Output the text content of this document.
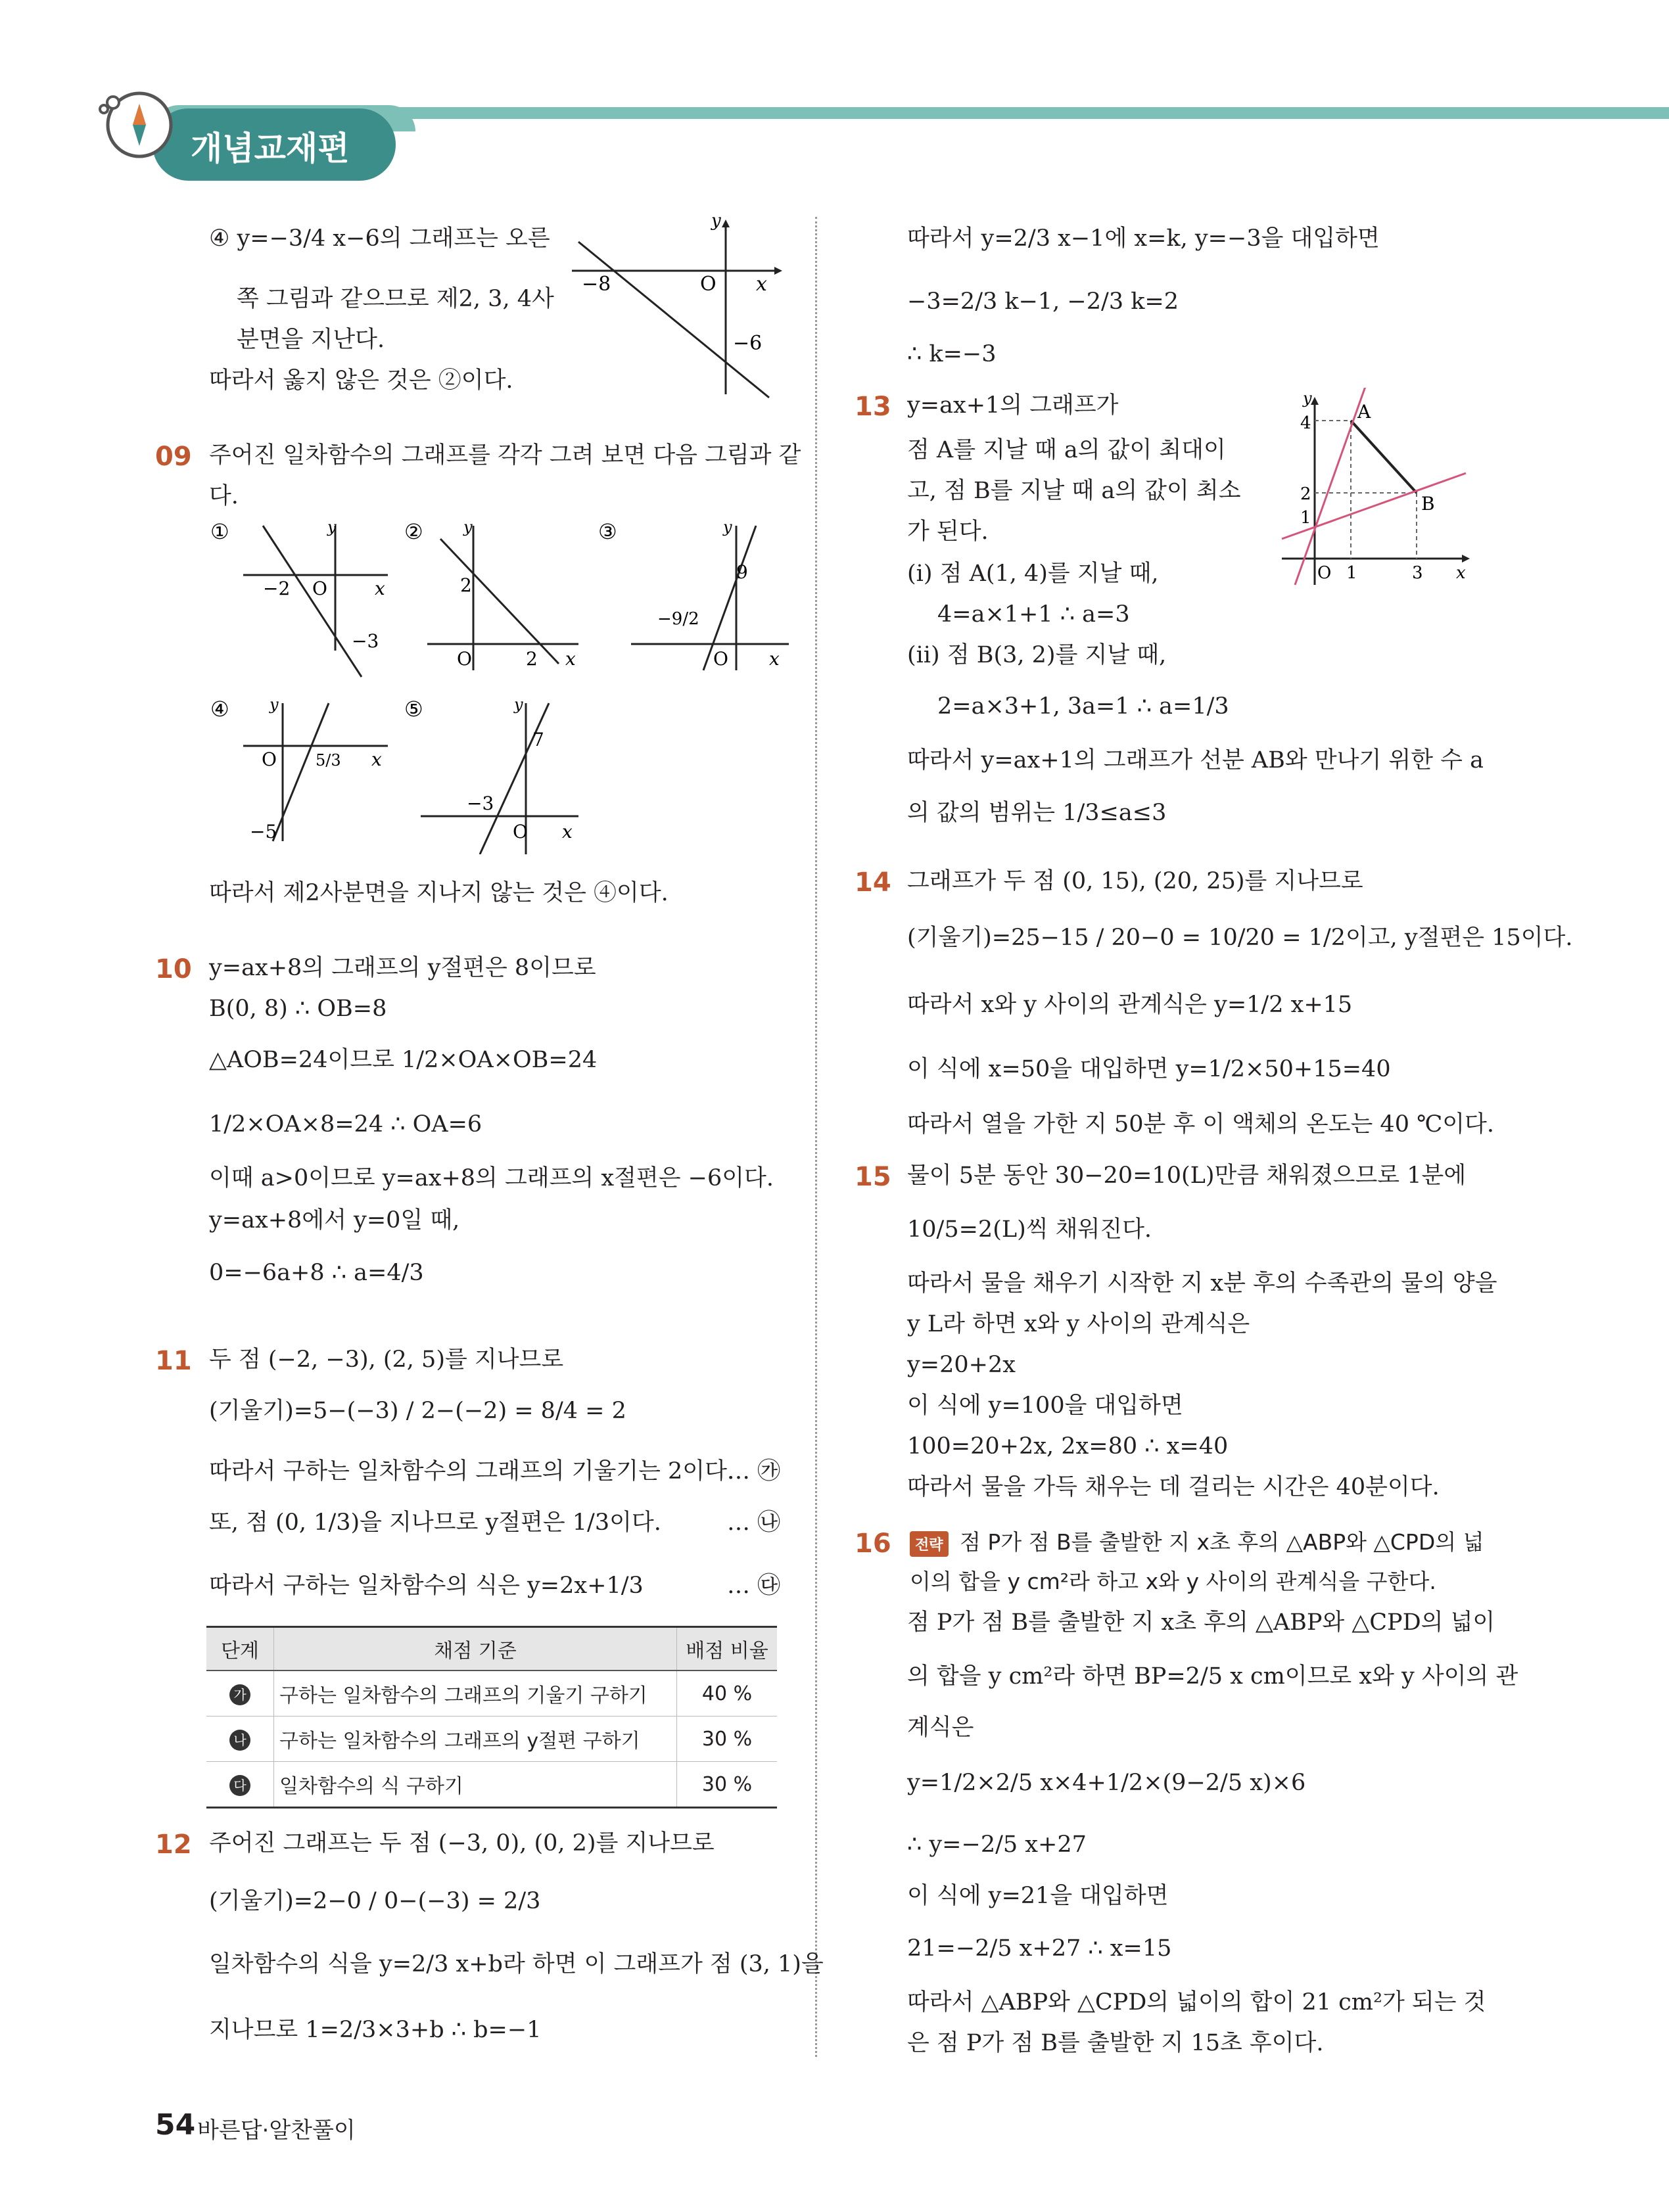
개념교재편
④ y=−3/4 x−6의 그래프는 오른
쪽 그림과 같으므로 제2, 3, 4사
분면을 지난다.
따라서 옳지 않은 것은 ②이다.
−8	O x
y
−6
09 주어진 일차함수의 그래프를 각각 그려 보면 다음 그림과 같
다.
①
−2 O	x
y
−3
②
2
O	2 x
y	③
9
−9/2
O x
y
④
O 5/3 x
−5
y	⑤
7
−3
O x
y
따라서 제2사분면을 지나지 않는 것은 ④이다.
10 y=ax+8의 그래프의 y절편은 8이므로
B(0, 8) ∴ OB=8
△AOB=24이므로 1/2×OA×OB=24
1/2×OA×8=24 ∴ OA=6
이때 a>0이므로 y=ax+8의 그래프의 x절편은 −6이다.
y=ax+8에서 y=0일 때,
0=−6a+8 ∴ a=4/3
11 두 점 (−2, −3), (2, 5)를 지나므로
(기울기)=5−(−3) / 2−(−2) = 8/4 = 2
따라서 구하는 일차함수의 그래프의 기울기는 2이다.
… ㉮
또, 점 (0, 1/3)을 지나므로 y절편은 1/3이다.	… ㉯
따라서 구하는 일차함수의 식은 y=2x+1/3	… ㉰
단계	채점 기준	배점 비율
가	구하는 일차함수의 그래프의 기울기 구하기	40 %
나	구하는 일차함수의 그래프의 y절편 구하기	30 %
다	일차함수의 식 구하기	30 %
12 주어진 그래프는 두 점 (−3, 0), (0, 2)를 지나므로
(기울기)=2−0 / 0−(−3) = 2/3
일차함수의 식을 y=2/3 x+b라 하면 이 그래프가 점 (3, 1)을
지나므로 1=2/3×3+b ∴ b=−1
따라서 y=2/3 x−1에 x=k, y=−3을 대입하면
−3=2/3 k−1, −2/3 k=2
∴ k=−3
13 y=ax+1의 그래프가
점 A를 지날 때 a의 값이 최대이
고, 점 B를 지날 때 a의 값이 최소
가 된다.
(ⅰ) 점 A(1, 4)를 지날 때,
4=a×1+1 ∴ a=3
(ⅱ) 점 B(3, 2)를 지날 때,
2=a×3+1, 3a=1 ∴ a=1/3
따라서 y=ax+1의 그래프가 선분 AB와 만나기 위한 수 a
의 값의 범위는 1/3≤a≤3
A
B
4
2
1
O 1	3 x
y
14 그래프가 두 점 (0, 15), (20, 25)를 지나므로
(기울기)=25−15 / 20−0 = 10/20 = 1/2이고, y절편은 15이다.
따라서 x와 y 사이의 관계식은 y=1/2 x+15
이 식에 x=50을 대입하면 y=1/2×50+15=40
따라서 열을 가한 지 50분 후 이 액체의 온도는 40 ℃이다.
15 물이 5분 동안 30−20=10(L)만큼 채워졌으므로 1분에
10/5=2(L)씩 채워진다.
따라서 물을 채우기 시작한 지 x분 후의 수족관의 물의 양을
y L라 하면 x와 y 사이의 관계식은
y=20+2x
이 식에 y=100을 대입하면
100=20+2x, 2x=80 ∴ x=40
따라서 물을 가득 채우는 데 걸리는 시간은 40분이다.
16	전략 점 P가 점 B를 출발한 지 x초 후의 △ABP와 △CPD의 넓
이의 합을 y cm²라 하고 x와 y 사이의 관계식을 구한다.
점 P가 점 B를 출발한 지 x초 후의 △ABP와 △CPD의 넓이
의 합을 y cm²라 하면 BP=2/5 x cm이므로 x와 y 사이의 관
계식은
y=1/2×2/5 x×4+1/2×(9−2/5 x)×6
∴ y=−2/5 x+27
이 식에 y=21을 대입하면
21=−2/5 x+27 ∴ x=15
따라서 △ABP와 △CPD의 넓이의 합이 21 cm²가 되는 것
은 점 P가 점 B를 출발한 지 15초 후이다.
54 바른답·알찬풀이
